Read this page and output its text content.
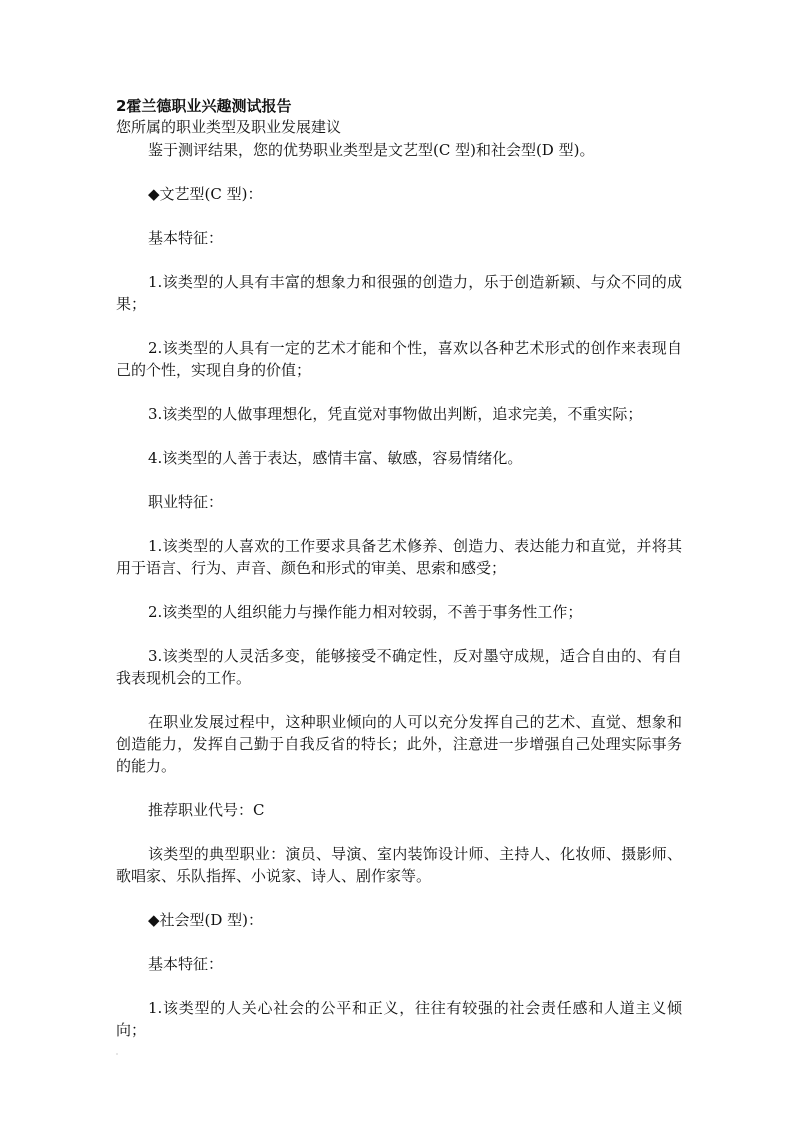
2霍兰德职业兴趣测试报告

您所属的职业类型及职业发展建议

鉴于测评结果，您的优势职业类型是文艺型(C 型)和社会型(D 型)。

◆文艺型(C 型)：

基本特征：

1.该类型的人具有丰富的想象力和很强的创造力，乐于创造新颖、与众不同的成果；

2.该类型的人具有一定的艺术才能和个性，喜欢以各种艺术形式的创作来表现自己的个性，实现自身的价值；

3.该类型的人做事理想化，凭直觉对事物做出判断，追求完美，不重实际；

4.该类型的人善于表达，感情丰富、敏感，容易情绪化。

职业特征：

1.该类型的人喜欢的工作要求具备艺术修养、创造力、表达能力和直觉，并将其用于语言、行为、声音、颜色和形式的审美、思索和感受；

2.该类型的人组织能力与操作能力相对较弱，不善于事务性工作；

3.该类型的人灵活多变，能够接受不确定性，反对墨守成规，适合自由的、有自我表现机会的工作。

在职业发展过程中，这种职业倾向的人可以充分发挥自己的艺术、直觉、想象和创造能力，发挥自己勤于自我反省的特长；此外，注意进一步增强自己处理实际事务的能力。

推荐职业代号：C

该类型的典型职业：演员、导演、室内装饰设计师、主持人、化妆师、摄影师、歌唱家、乐队指挥、小说家、诗人、剧作家等。

◆社会型(D 型)：

基本特征：

1.该类型的人关心社会的公平和正义，往往有较强的社会责任感和人道主义倾向；
